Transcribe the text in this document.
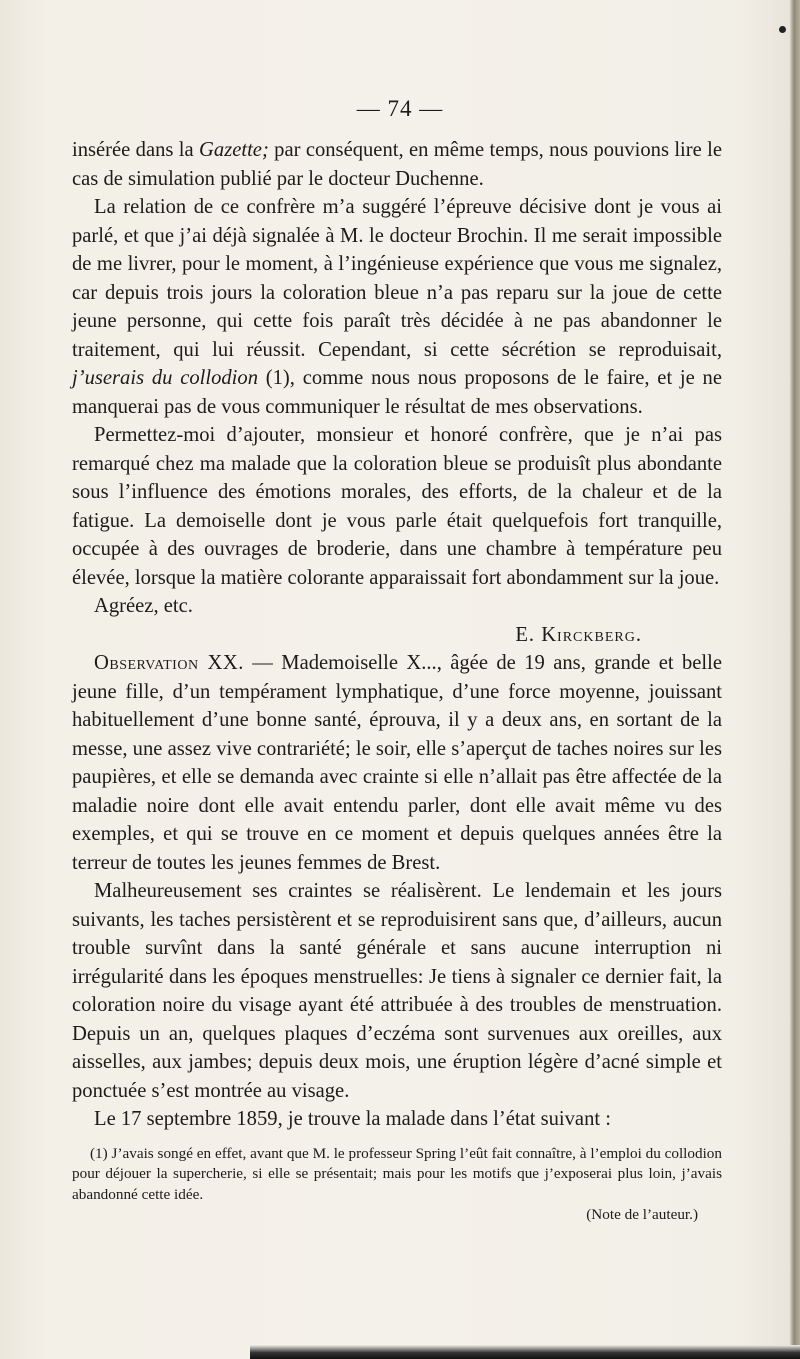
— 74 —

insérée dans la Gazette; par conséquent, en même temps, nous pouvions lire le cas de simulation publié par le docteur Duchenne.

La relation de ce confrère m’a suggéré l’épreuve décisive dont je vous ai parlé, et que j’ai déjà signalée à M. le docteur Brochin. Il me serait impossible de me livrer, pour le moment, à l’ingénieuse expérience que vous me signalez, car depuis trois jours la coloration bleue n’a pas reparu sur la joue de cette jeune personne, qui cette fois paraît très décidée à ne pas abandonner le traitement, qui lui réussit. Cependant, si cette sécrétion se reproduisait, j’userais du collodion (1), comme nous nous proposons de le faire, et je ne manquerai pas de vous communiquer le résultat de mes observations.

Permettez-moi d’ajouter, monsieur et honoré confrère, que je n’ai pas remarqué chez ma malade que la coloration bleue se produisît plus abondante sous l’influence des émotions morales, des efforts, de la chaleur et de la fatigue. La demoiselle dont je vous parle était quelquefois fort tranquille, occupée à des ouvrages de broderie, dans une chambre à température peu élevée, lorsque la matière colorante apparaissait fort abondamment sur la joue.

Agréez, etc.

E. Kirckberg.

Observation XX. — Mademoiselle X..., âgée de 19 ans, grande et belle jeune fille, d’un tempérament lymphatique, d’une force moyenne, jouissant habituellement d’une bonne santé, éprouva, il y a deux ans, en sortant de la messe, une assez vive contrariété; le soir, elle s’aperçut de taches noires sur les paupières, et elle se demanda avec crainte si elle n’allait pas être affectée de la maladie noire dont elle avait entendu parler, dont elle avait même vu des exemples, et qui se trouve en ce moment et depuis quelques années être la terreur de toutes les jeunes femmes de Brest.

Malheureusement ses craintes se réalisèrent. Le lendemain et les jours suivants, les taches persistèrent et se reproduisirent sans que, d’ailleurs, aucun trouble survînt dans la santé générale et sans aucune interruption ni irrégularité dans les époques menstruelles: Je tiens à signaler ce dernier fait, la coloration noire du visage ayant été attribuée à des troubles de menstruation. Depuis un an, quelques plaques d’eczéma sont survenues aux oreilles, aux aisselles, aux jambes; depuis deux mois, une éruption légère d’acné simple et ponctuée s’est montrée au visage.

Le 17 septembre 1859, je trouve la malade dans l’état suivant :

(1) J’avais songé en effet, avant que M. le professeur Spring l’eût fait connaître, à l’emploi du collodion pour déjouer la supercherie, si elle se présentait; mais pour les motifs que j’exposerai plus loin, j’avais abandonné cette idée.

(Note de l’auteur.)
